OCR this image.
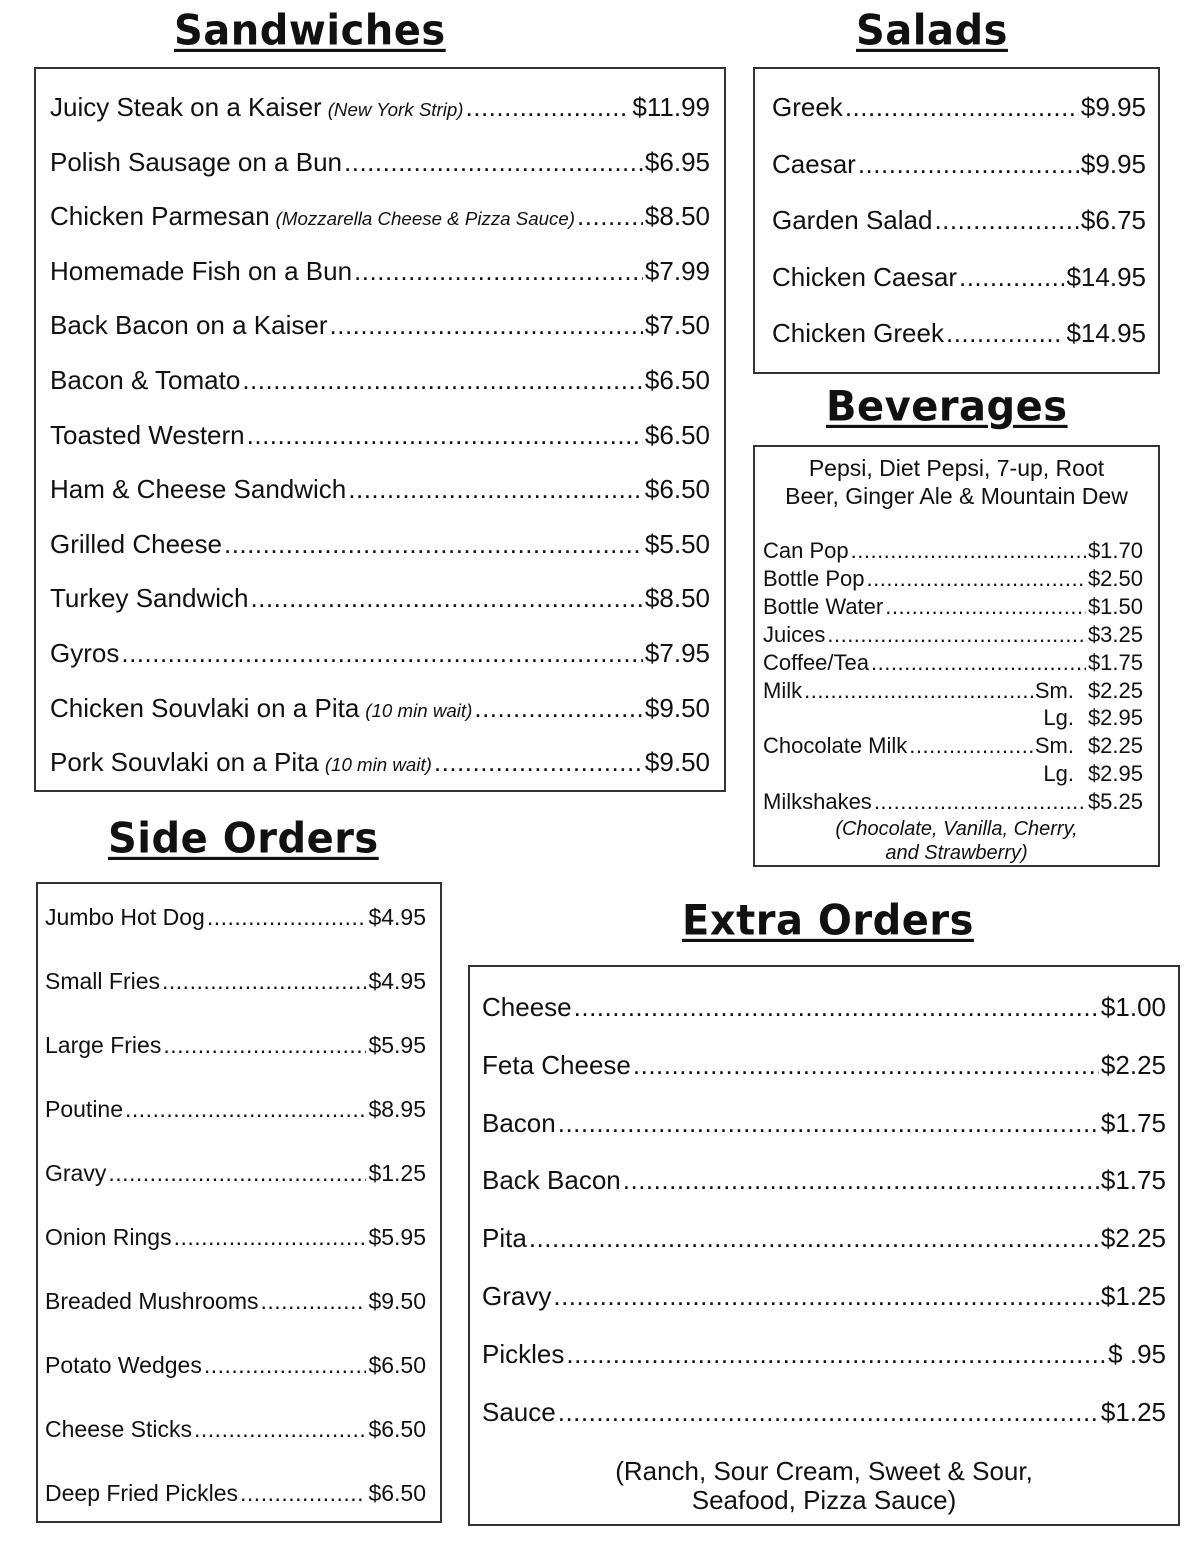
Sandwiches
Juicy Steak on a Kaiser (New York Strip) .....	$11.99
Polish Sausage on a Bun .....	$6.95
Chicken Parmesan (Mozzarella Cheese & Pizza Sauce) .....	$8.50
Homemade Fish on a Bun .....	$7.99
Back Bacon on a Kaiser .....	$7.50
Bacon & Tomato .....	$6.50
Toasted Western .....	$6.50
Ham & Cheese Sandwich .....	$6.50
Grilled Cheese .....	$5.50
Turkey Sandwich .....	$8.50
Gyros .....	$7.95
Chicken Souvlaki on a Pita (10 min wait) .....	$9.50
Pork Souvlaki on a Pita (10 min wait) .....	$9.50
Salads
Greek .....	$9.95
Caesar .....	$9.95
Garden Salad .....	$6.75
Chicken Caesar .....	$14.95
Chicken Greek .....	$14.95
Beverages
Pepsi, Diet Pepsi, 7-up, Root
Beer, Ginger Ale & Mountain Dew
Can Pop .....	$1.70
Bottle Pop .....	$2.50
Bottle Water .....	$1.50
Juices .....	$3.25
Coffee/Tea .....	$1.75
Milk .....	Sm. $2.25
Lg. $2.95
Chocolate Milk .....	Sm. $2.25
Lg. $2.95
Milkshakes .....	$5.25
(Chocolate, Vanilla, Cherry,
and Strawberry)
Side Orders
Jumbo Hot Dog .....	$4.95
Small Fries .....	$4.95
Large Fries .....	$5.95
Poutine .....	$8.95
Gravy .....	$1.25
Onion Rings .....	$5.95
Breaded Mushrooms .....	$9.50
Potato Wedges .....	$6.50
Cheese Sticks .....	$6.50
Deep Fried Pickles .....	$6.50
Extra Orders
Cheese .....	$1.00
Feta Cheese .....	$2.25
Bacon .....	$1.75
Back Bacon .....	$1.75
Pita .....	$2.25
Gravy .....	$1.25
Pickles .....	$ .95
Sauce .....	$1.25
(Ranch, Sour Cream, Sweet & Sour,
Seafood, Pizza Sauce)
